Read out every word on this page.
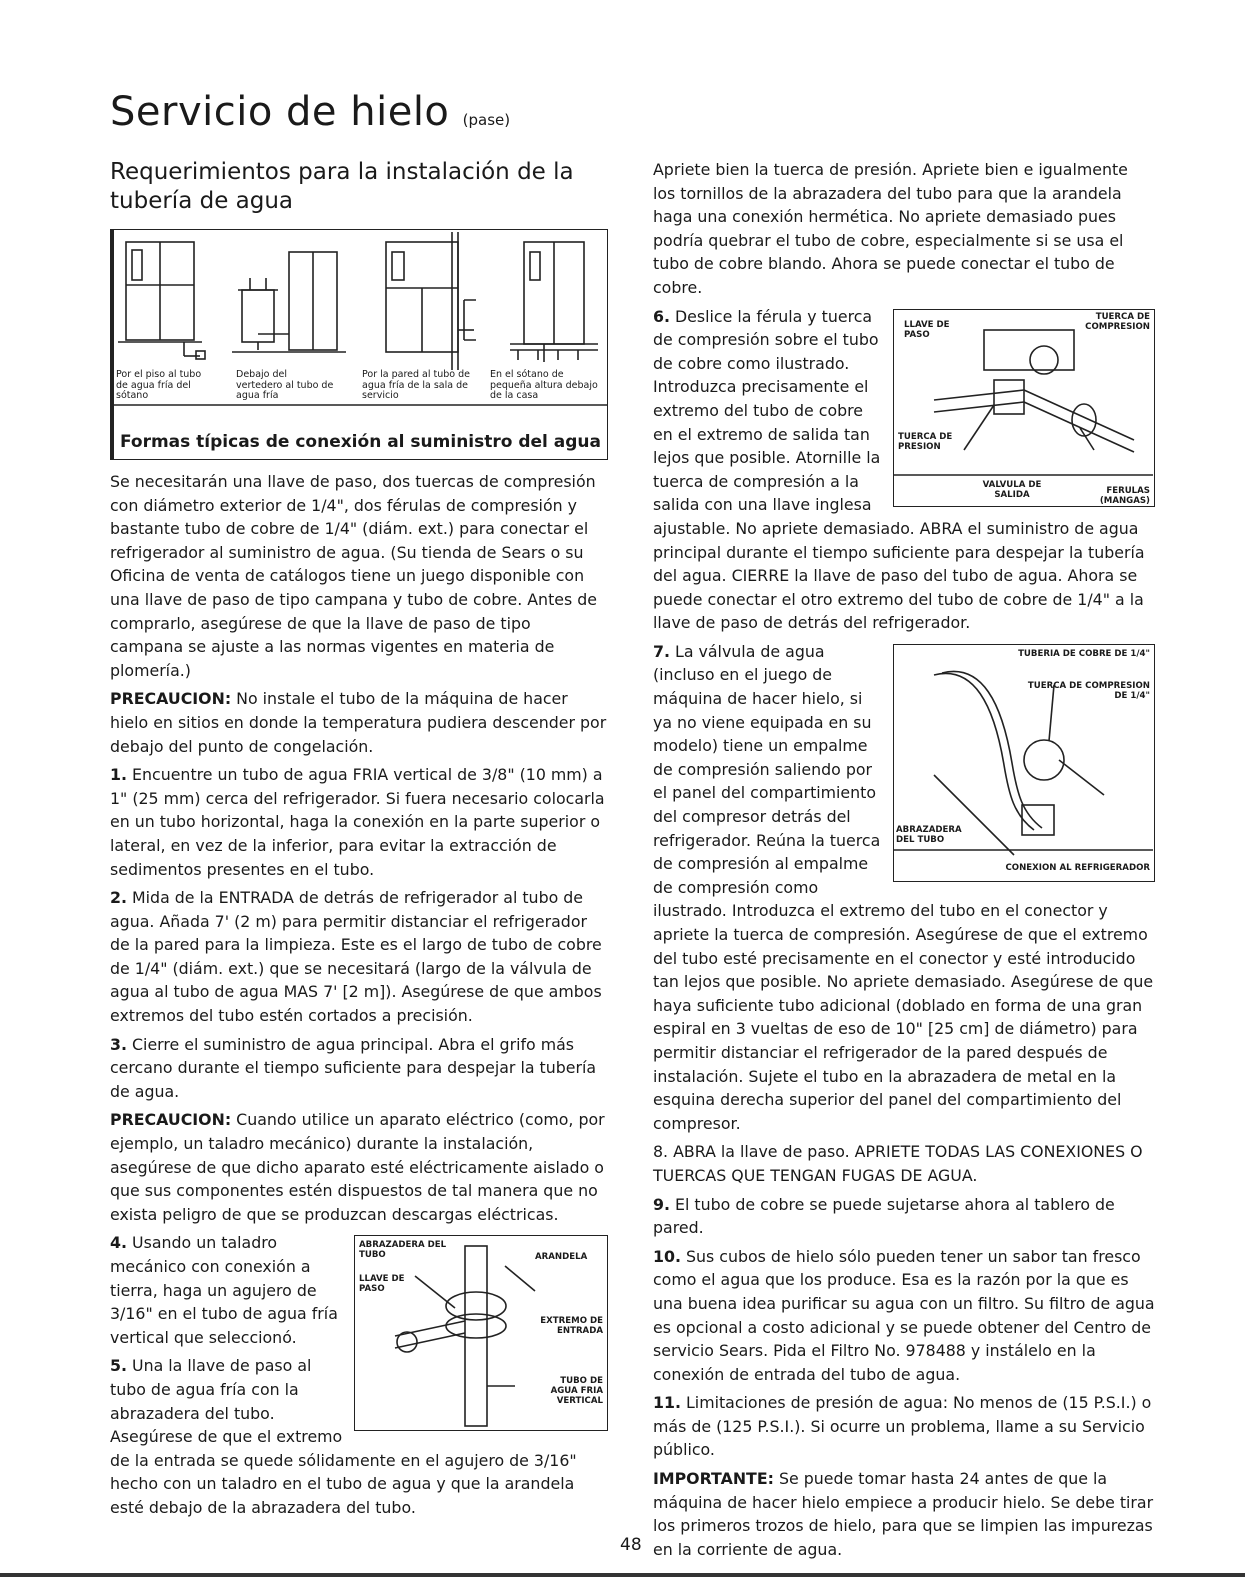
Servicio de hielo (pase)
Requerimientos para la instalación de la tubería de agua
Por el piso al tubo de agua fría del sótano
Debajo del vertedero al tubo de agua fría
Por la pared al tubo de agua fría de la sala de servicio
En el sótano de pequeña altura debajo de la casa
Formas típicas de conexión al suministro del agua

Se necesitarán una llave de paso, dos tuercas de compresión con diámetro exterior de 1/4", dos férulas de compresión y bastante tubo de cobre de 1/4" (diám. ext.) para conectar el refrigerador al suministro de agua. (Su tienda de Sears o su Oficina de venta de catálogos tiene un juego disponible con una llave de paso de tipo campana y tubo de cobre. Antes de comprarlo, asegúrese de que la llave de paso de tipo campana se ajuste a las normas vigentes en materia de plomería.)

PRECAUCION: No instale el tubo de la máquina de hacer hielo en sitios en donde la temperatura pudiera descender por debajo del punto de congelación.

1. Encuentre un tubo de agua FRIA vertical de 3/8" (10 mm) a 1" (25 mm) cerca del refrigerador. Si fuera necesario colocarla en un tubo horizontal, haga la conexión en la parte superior o lateral, en vez de la inferior, para evitar la extracción de sedimentos presentes en el tubo.

2. Mida de la ENTRADA de detrás de refrigerador al tubo de agua. Añada 7' (2 m) para permitir distanciar el refrigerador de la pared para la limpieza. Este es el largo de tubo de cobre de 1/4" (diám. ext.) que se necesitará (largo de la válvula de agua al tubo de agua MAS 7' [2 m]). Asegúrese de que ambos extremos del tubo estén cortados a precisión.

3. Cierre el suministro de agua principal. Abra el grifo más cercano durante el tiempo suficiente para despejar la tubería de agua.

PRECAUCION: Cuando utilice un aparato eléctrico (como, por ejemplo, un taladro mecánico) durante la instalación, asegúrese de que dicho aparato esté eléctricamente aislado o que sus componentes estén dispuestos de tal manera que no exista peligro de que se produzcan descargas eléctricas.

ABRAZADERA DEL TUBO	ARANDELA
LLAVE DE PASO
EXTREMO DE ENTRADA
TUBO DE AGUA FRIA VERTICAL

4. Usando un taladro mecánico con conexión a tierra, haga un agujero de 3/16" en el tubo de agua fría vertical que seleccionó.

5. Una la llave de paso al tubo de agua fría con la abrazadera del tubo. Asegúrese de que el extremo de la entrada se quede sólidamente en el agujero de 3/16" hecho con un taladro en el tubo de agua y que la arandela esté debajo de la abrazadera del tubo.

Apriete bien la tuerca de presión. Apriete bien e igualmente los tornillos de la abrazadera del tubo para que la arandela haga una conexión hermética. No apriete demasiado pues podría quebrar el tubo de cobre, especialmente si se usa el tubo de cobre blando. Ahora se puede conectar el tubo de cobre.

LLAVE DE PASO
TUERCA DE COMPRESION
TUERCA DE PRESION
VALVULA DE SALIDA	FERULAS (MANGAS)

6. Deslice la férula y tuerca de compresión sobre el tubo de cobre como ilustrado. Introduzca precisamente el extremo del tubo de cobre en el extremo de salida tan lejos que posible. Atornille la tuerca de compresión a la salida con una llave inglesa ajustable. No apriete demasiado. ABRA el suministro de agua principal durante el tiempo suficiente para despejar la tubería del agua. CIERRE la llave de paso del tubo de agua. Ahora se puede conectar el otro extremo del tubo de cobre de 1/4" a la llave de paso de detrás del refrigerador.

TUBERIA DE COBRE DE 1/4"
TUERCA DE COMPRESION DE 1/4"
ABRAZADERA DEL TUBO
CONEXION AL REFRIGERADOR

7. La válvula de agua (incluso en el juego de máquina de hacer hielo, si ya no viene equipada en su modelo) tiene un empalme de compresión saliendo por el panel del compartimiento del compresor detrás del refrigerador. Reúna la tuerca de compresión al empalme de compresión como ilustrado. Introduzca el extremo del tubo en el conector y apriete la tuerca de compresión. Asegúrese de que el extremo del tubo esté precisamente en el conector y esté introducido tan lejos que posible. No apriete demasiado. Asegúrese de que haya suficiente tubo adicional (doblado en forma de una gran espiral en 3 vueltas de eso de 10" [25 cm] de diámetro) para permitir distanciar el refrigerador de la pared después de instalación. Sujete el tubo en la abrazadera de metal en la esquina derecha superior del panel del compartimiento del compresor.

8. ABRA la llave de paso. APRIETE TODAS LAS CONEXIONES O TUERCAS QUE TENGAN FUGAS DE AGUA.

9. El tubo de cobre se puede sujetarse ahora al tablero de pared.

10. Sus cubos de hielo sólo pueden tener un sabor tan fresco como el agua que los produce. Esa es la razón por la que es una buena idea purificar su agua con un filtro. Su filtro de agua es opcional a costo adicional y se puede obtener del Centro de servicio Sears. Pida el Filtro No. 978488 y instálelo en la conexión de entrada del tubo de agua.

11. Limitaciones de presión de agua: No menos de (15 P.S.I.) o más de (125 P.S.I.). Si ocurre un problema, llame a su Servicio público.

IMPORTANTE: Se puede tomar hasta 24 antes de que la máquina de hacer hielo empiece a producir hielo. Se debe tirar los primeros trozos de hielo, para que se limpien las impurezas en la corriente de agua.

48
